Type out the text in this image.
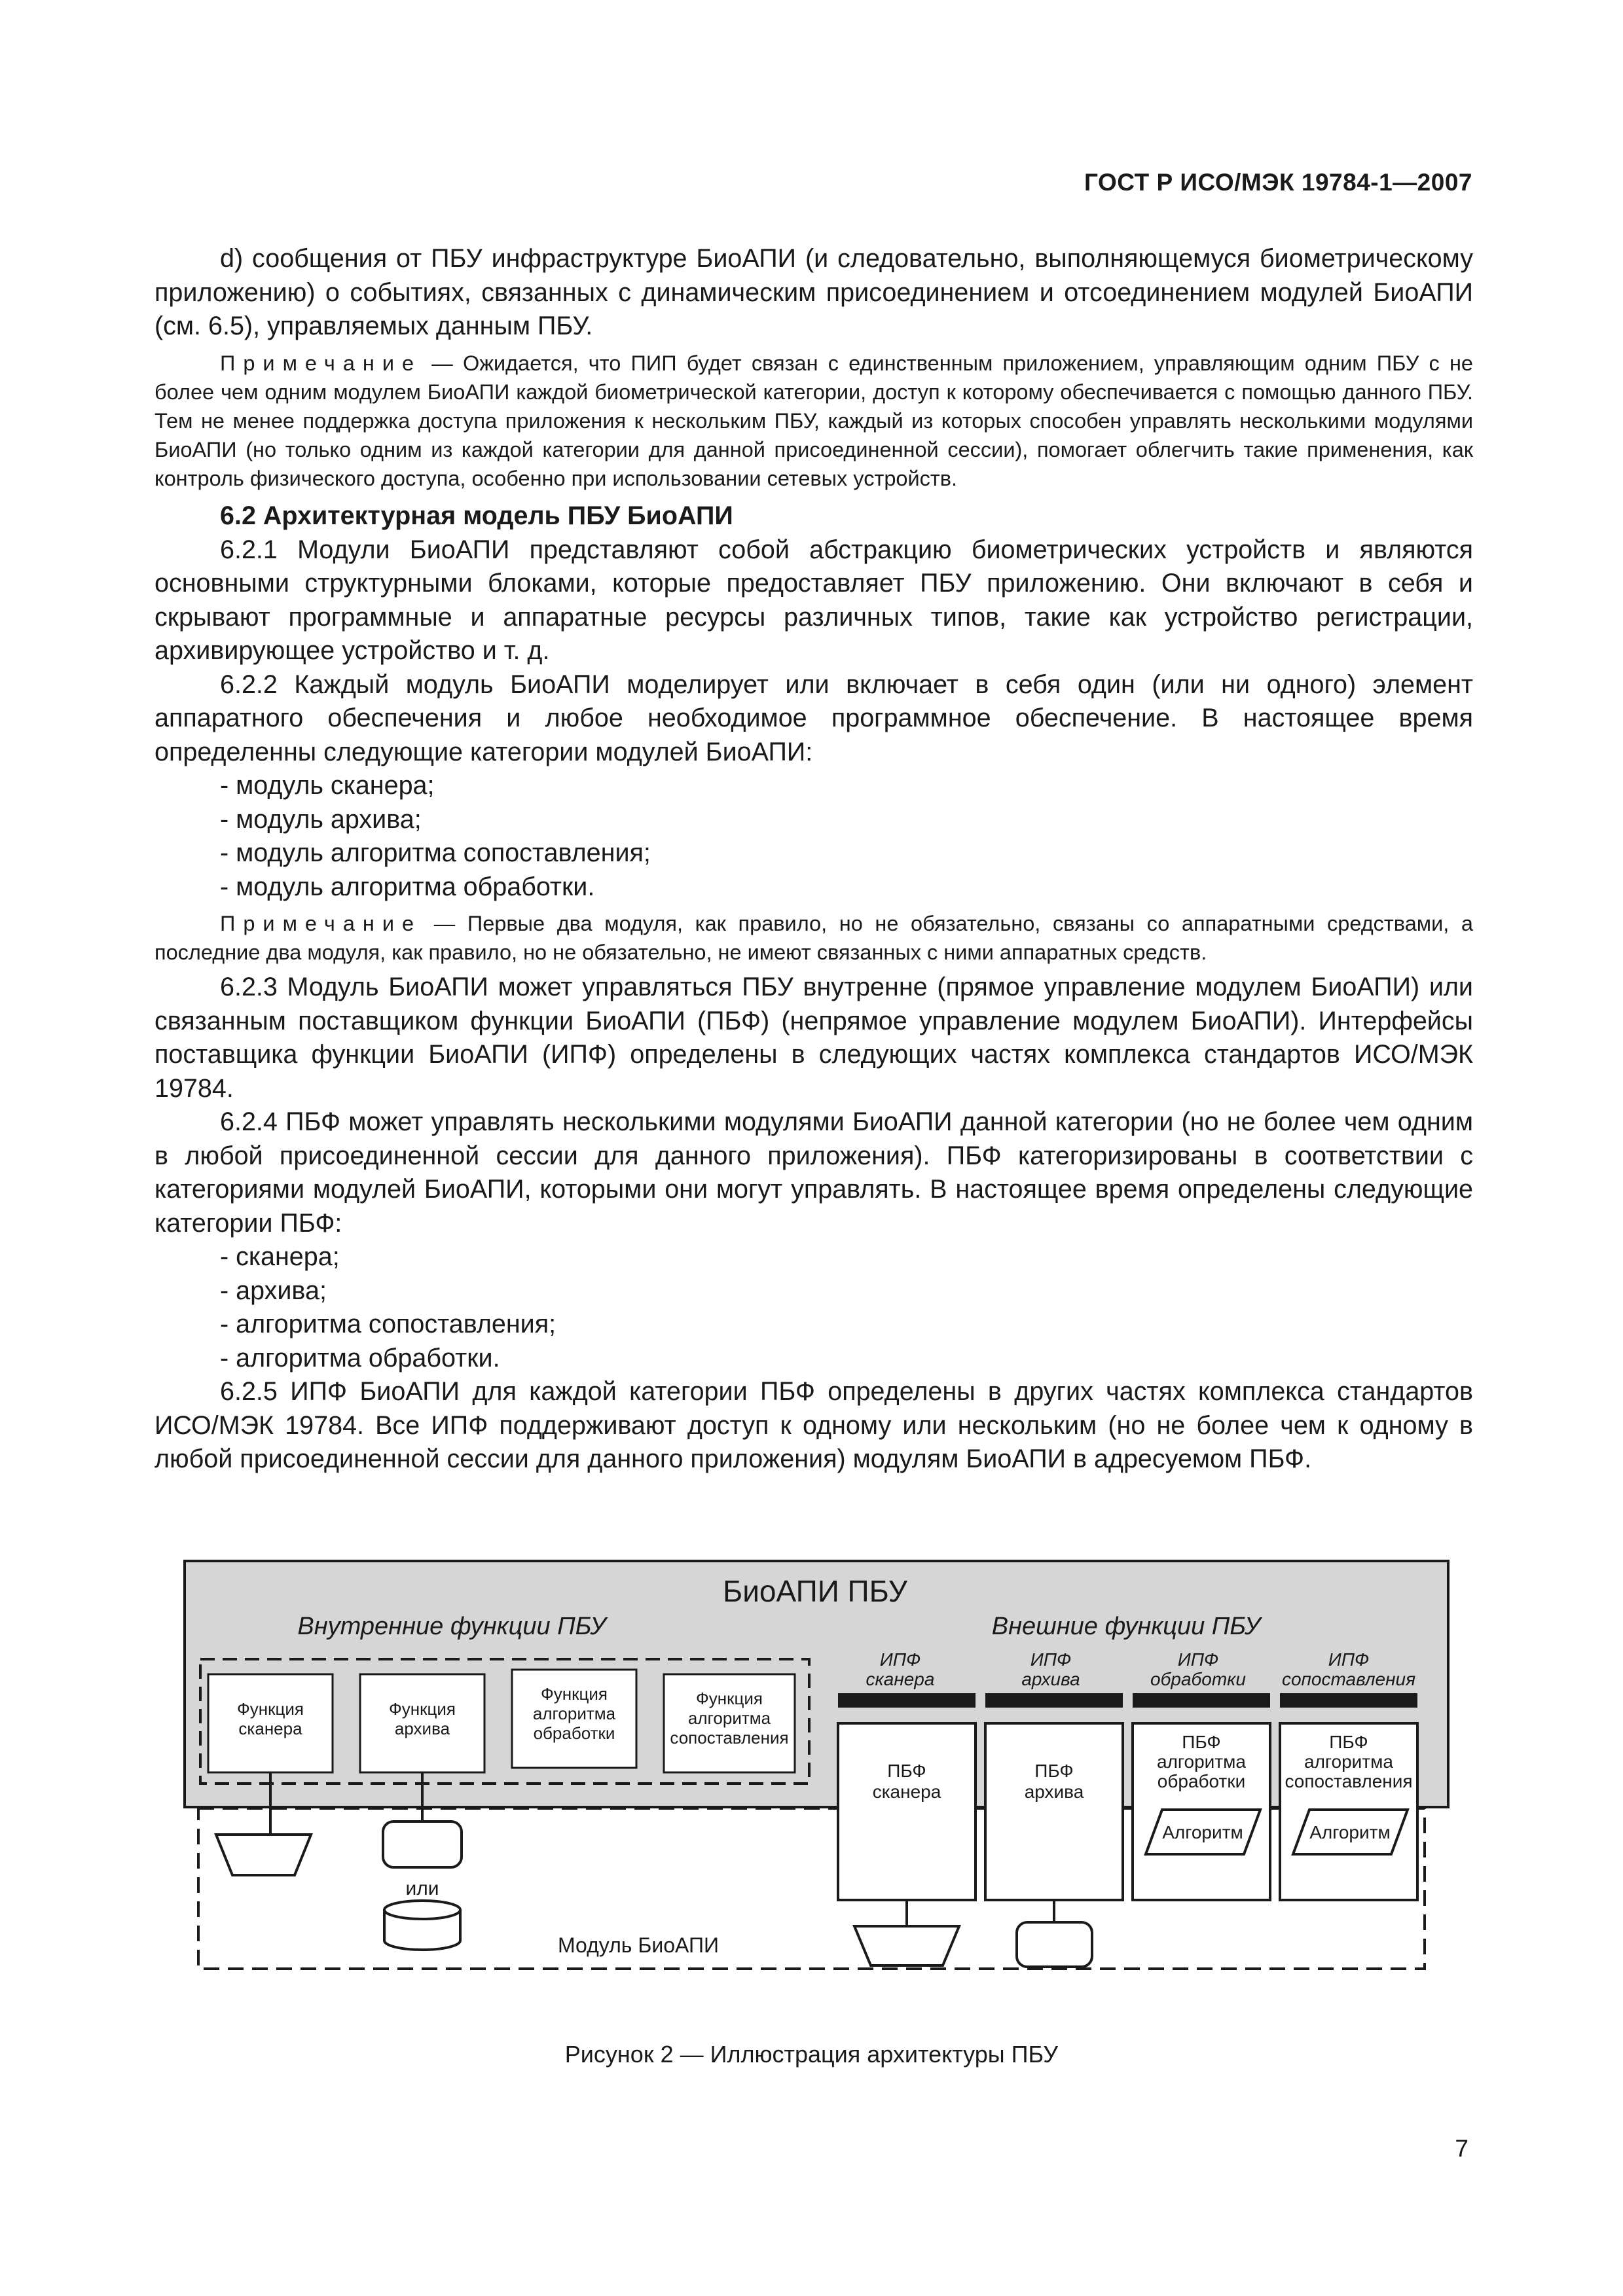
ГОСТ Р ИСО/МЭК 19784-1—2007

d) сообщения от ПБУ инфраструктуре БиоАПИ (и следовательно, выполняющемуся биометрическому приложению) о событиях, связанных с динамическим присоединением и отсоединением модулей БиоАПИ (см. 6.5), управляемых данным ПБУ.

Примечание — Ожидается, что ПИП будет связан с единственным приложением, управляющим одним ПБУ с не более чем одним модулем БиоАПИ каждой биометрической категории, доступ к которому обеспечивается с помощью данного ПБУ. Тем не менее поддержка доступа приложения к нескольким ПБУ, каждый из которых способен управлять несколькими модулями БиоАПИ (но только одним из каждой категории для данной присоединенной сессии), помогает облегчить такие применения, как контроль физического доступа, особенно при использовании сетевых устройств.

6.2 Архитектурная модель ПБУ БиоАПИ

6.2.1 Модули БиоАПИ представляют собой абстракцию биометрических устройств и являются основными структурными блоками, которые предоставляет ПБУ приложению. Они включают в себя и скрывают программные и аппаратные ресурсы различных типов, такие как устройство регистрации, архивирующее устройство и т. д.

6.2.2 Каждый модуль БиоАПИ моделирует или включает в себя один (или ни одного) элемент аппаратного обеспечения и любое необходимое программное обеспечение. В настоящее время определенны следующие категории модулей БиоАПИ:

- модуль сканера;
- модуль архива;
- модуль алгоритма сопоставления;
- модуль алгоритма обработки.

Примечание — Первые два модуля, как правило, но не обязательно, связаны со аппаратными средствами, а последние два модуля, как правило, но не обязательно, не имеют связанных с ними аппаратных средств.

6.2.3 Модуль БиоАПИ может управляться ПБУ внутренне (прямое управление модулем БиоАПИ) или связанным поставщиком функции БиоАПИ (ПБФ) (непрямое управление модулем БиоАПИ). Интерфейсы поставщика функции БиоАПИ (ИПФ) определены в следующих частях комплекса стандартов ИСО/МЭК 19784.

6.2.4 ПБФ может управлять несколькими модулями БиоАПИ данной категории (но не более чем одним в любой присоединенной сессии для данного приложения). ПБФ категоризированы в соответствии с категориями модулей БиоАПИ, которыми они могут управлять. В настоящее время определены следующие категории ПБФ:

- сканера;
- архива;
- алгоритма сопоставления;
- алгоритма обработки.

6.2.5 ИПФ БиоАПИ для каждой категории ПБФ определены в других частях комплекса стандартов ИСО/МЭК 19784. Все ИПФ поддерживают доступ к одному или нескольким (но не более чем к одному в любой присоединенной сессии для данного приложения) модулям БиоАПИ в адресуемом ПБФ.

БиоАПИ ПБУ
Внутренние функции ПБУ	Внешние функции ПБУ
Функция
сканера
Функция
архива
Функция
алгоритма
обработки
Функция
алгоритма
сопоставления
ИПФ
сканера
ИПФ
архива
ИПФ
обработки
ИПФ
сопоставления
ПБФ
сканера
ПБФ
архива
ПБФ
алгоритма
обработки
Алгоритм
ПБФ
алгоритма
сопоставления
Алгоритм
или
Модуль БиоАПИ
Рисунок 2 — Иллюстрация архитектуры ПБУ
7
